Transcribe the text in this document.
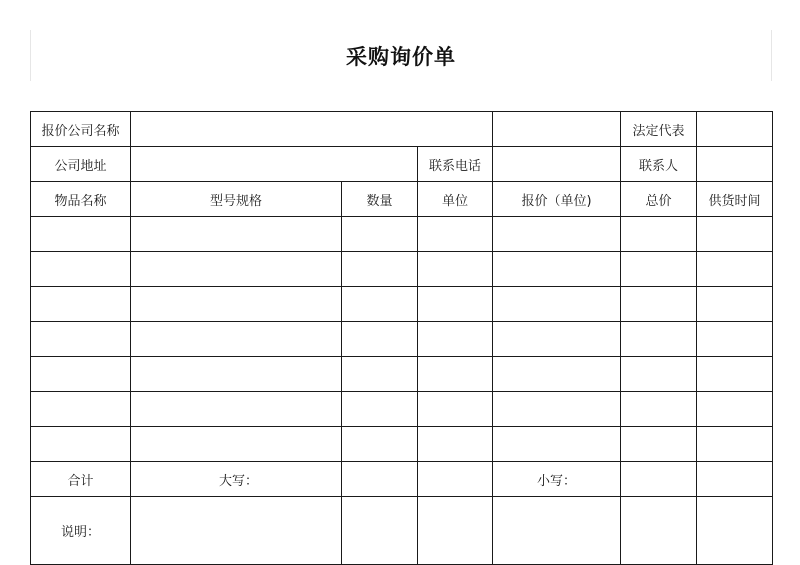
采购询价单
报价公司名称					法定代表	
公司地址			联系电话		联系人	
物品名称	型号规格	数量	单位	报价（单位)	总价	供货时间

合计	大写：			小写：		
说明：						
